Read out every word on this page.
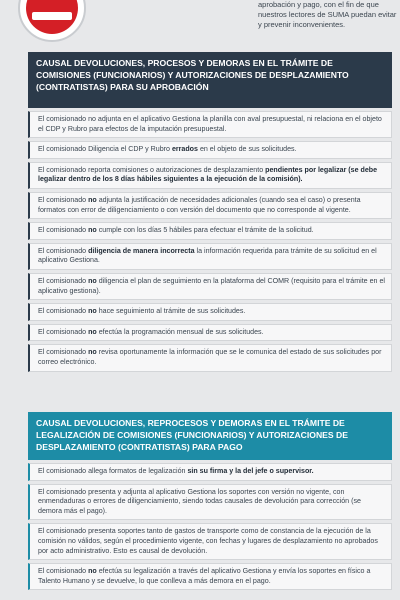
aprobación y pago, con el fin de que nuestros lectores de SUMA puedan evitar y prevenir inconvenientes.
CAUSAL DEVOLUCIONES, PROCESOS Y DEMORAS EN EL TRÁMITE DE COMISIONES (FUNCIONARIOS) Y AUTORIZACIONES DE DESPLAZAMIENTO (CONTRATISTAS) PARA SU APROBACIÓN
El comisionado no adjunta en el aplicativo Gestiona la planilla con aval presupuestal, ni relaciona en el objeto el CDP y Rubro para efectos de la imputación presupuestal.
El comisionado Diligencia el CDP y Rubro errados en el objeto de sus solicitudes.
El comisionado reporta comisiones o autorizaciones de desplazamiento pendientes por legalizar (se debe legalizar dentro de los 8 días hábiles siguientes a la ejecución de la comisión).
El comisionado no adjunta la justificación de necesidades adicionales (cuando sea el caso) o presenta formatos con error de diligenciamiento o con versión del documento que no corresponde al vigente.
El comisionado no cumple con los días 5 hábiles para efectuar el trámite de la solicitud.
El comisionado diligencia de manera incorrecta la información requerida para trámite de su solicitud en el aplicativo Gestiona.
El comisionado no diligencia el plan de seguimiento en la plataforma del COMR (requisito para el trámite en el aplicativo gestiona).
El comisionado no hace seguimiento al trámite de sus solicitudes.
El comisionado no efectúa la programación mensual de sus solicitudes.
El comisionado no revisa oportunamente la información que se le comunica del estado de sus solicitudes por correo electrónico.
CAUSAL DEVOLUCIONES, REPROCESOS Y DEMORAS EN EL TRÁMITE DE LEGALIZACIÓN DE COMISIONES (FUNCIONARIOS) Y AUTORIZACIONES DE DESPLAZAMIENTO (CONTRATISTAS) PARA PAGO
El comisionado allega formatos de legalización sin su firma y la del jefe o supervisor.
El comisionado presenta y adjunta al aplicativo Gestiona los soportes con versión no vigente, con enmendaduras o errores de diligenciamiento, siendo todas causales de devolución para corrección (se demora más el pago).
El comisionado presenta soportes tanto de gastos de transporte como de constancia de la ejecución de la comisión no válidos, según el procedimiento vigente, con fechas y lugares de desplazamiento no aprobados por acto administrativo. Esto es causal de devolución.
El comisionado no efectúa su legalización a través del aplicativo Gestiona y envía los soportes en físico a Talento Humano y se devuelve, lo que conlleva a más demora en el pago.
